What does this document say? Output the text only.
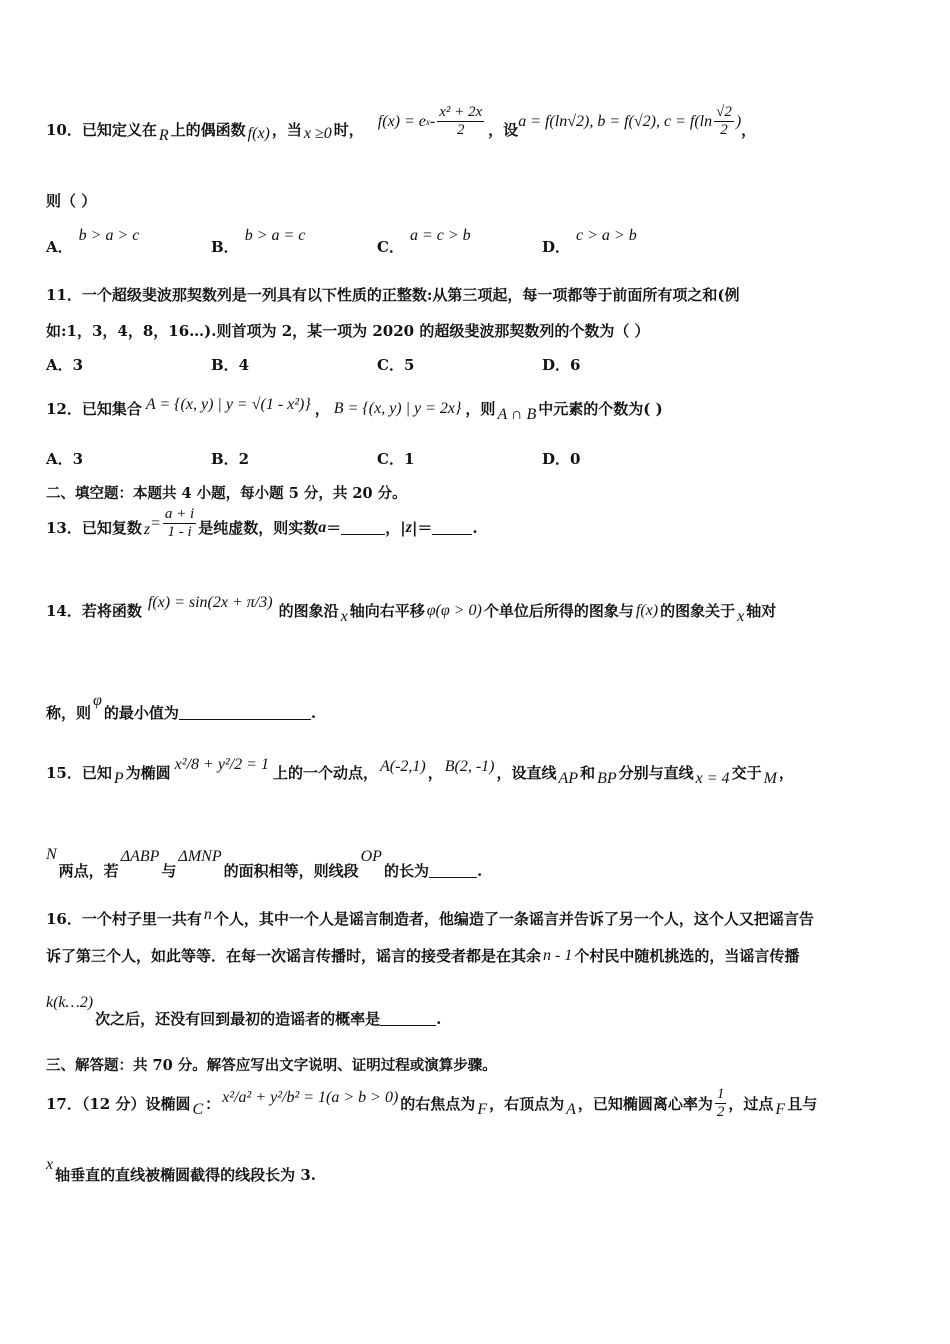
10．已知定义在 R 上的偶函数 f(x) ，当 x ≥0 时， f(x) = e x - $\frac{\text{x² + 2x}}{2}$ ，设 a = f(ln√2), b = f(√2), $c = f(\ln \frac{√2}{2}$ ) ，
则（ ）
A．
b > a > c
B．
b > a = c
C．
a = c > b
D．
c > a > b
11．一个超级斐波那契数列是一列具有以下性质的正整数:从第三项起，每一项都等于前面所有项之和(例
如:1，3，4，8，16…).则首项为 2，某一项为 2020 的超级斐波那契数列的个数为（ ）
A．3	B．4	C．5	D．6
12．已知集合 A = {(x, y) | y = √(1 - x²)} ， B = {(x, y) | y = 2x} ，则 A ∩ B 中元素的个数为( )
A．3	B．2	C．1	D．0
二、填空题：本题共 4 小题，每小题 5 分，共 20 分。
13．已知复数 $z = \frac{a + i}{1 - i}$ 是纯虚数，则实数 a ＝	，| z |＝	.
14．若将函数 f(x) = sin(2x + π/3) 的图象沿 x 轴向右平移 φ(φ > 0) 个单位后所得的图象与 f(x) 的图象关于 x 轴对
称，则
φ
的最小值为	.
15．已知 P 为椭圆 x²/8 + y²/2 = 1 上的一个动点， A(-2,1) ， B(2, -1) ，设直线 AP 和 BP 分别与直线 x = 4 交于 M ，
N
两点，若
ΔABP
与
ΔMNP
的面积相等，则线段
OP
的长为	.
16．一个村子里一共有 n 个人，其中一个人是谣言制造者，他编造了一条谣言并告诉了另一个人，这个人又把谣言告
诉了第三个人，如此等等．在每一次谣言传播时，谣言的接受者都是在其余 n - 1 个村民中随机挑选的，当谣言传播
k(k…2)
次之后，还没有回到最初的造谣者的概率是	.
三、解答题：共 70 分。解答应写出文字说明、证明过程或演算步骤。
17．（12 分）设椭圆 C ： x²/a² + y²/b² = 1(a > b > 0) 的右焦点为 F ，右顶点为 A ，已知椭圆离心率为 $\frac{1}{2}$ ，过点 F 且与
x
轴垂直的直线被椭圆截得的线段长为 3.
